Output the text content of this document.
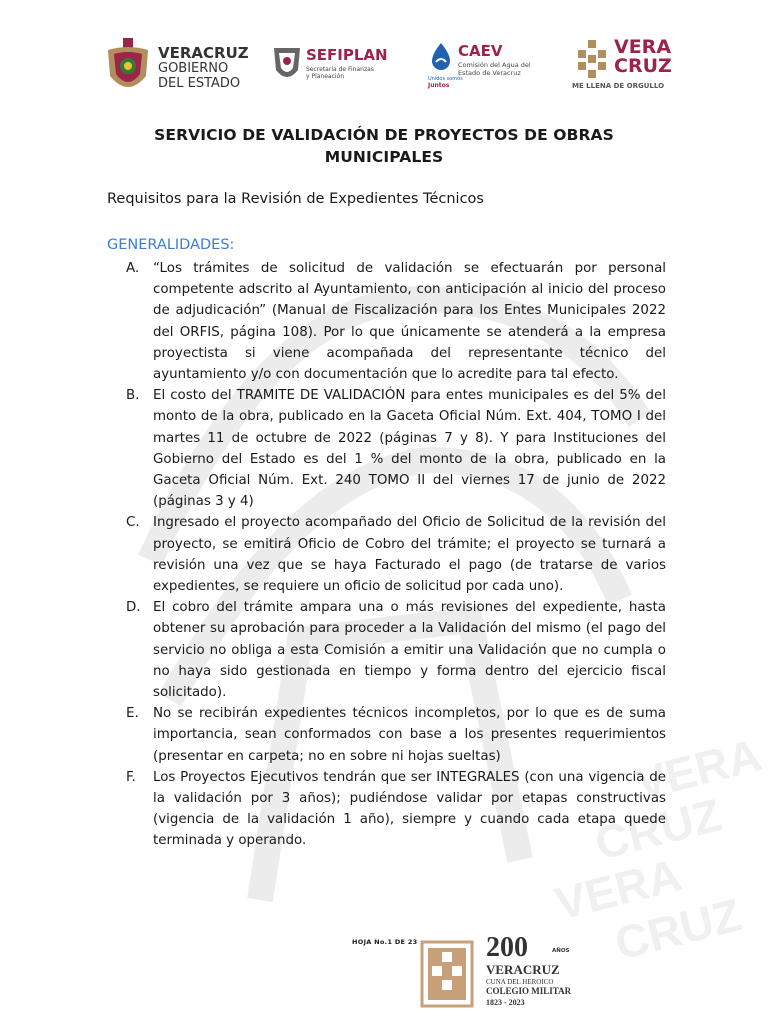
VERA
CRUZ
VERA
CRUZ
VERACRUZ
GOBIERNO
DEL ESTADO
SEFIPLAN
Secretaría de Finanzas
y Planeación
CAEV
Comisión del Agua del
Estado de Veracruz
Unidos somos
Juntos
VERA
CRUZ
ME LLENA DE ORGULLO
SERVICIO DE VALIDACIÓN DE PROYECTOS DE OBRAS MUNICIPALES
Requisitos para la Revisión de Expedientes Técnicos
GENERALIDADES:
A. “Los trámites de solicitud de validación se efectuarán por personal competente adscrito al Ayuntamiento, con anticipación al inicio del proceso de adjudicación” (Manual de Fiscalización para los Entes Municipales 2022 del ORFIS, página 108). Por lo que únicamente se atenderá a la empresa proyectista si viene acompañada del representante técnico del ayuntamiento y/o con documentación que lo acredite para tal efecto.
B. El costo del TRAMITE DE VALIDACIÓN para entes municipales es del 5% del monto de la obra, publicado en la Gaceta Oficial Núm. Ext. 404, TOMO I del martes 11 de octubre de 2022 (páginas 7 y 8). Y para Instituciones del Gobierno del Estado es del 1 % del monto de la obra, publicado en la Gaceta Oficial Núm. Ext. 240 TOMO II del viernes 17 de junio de 2022 (páginas 3 y 4)
C. Ingresado el proyecto acompañado del Oficio de Solicitud de la revisión del proyecto, se emitirá Oficio de Cobro del trámite; el proyecto se turnará a revisión una vez que se haya Facturado el pago (de tratarse de varios expedientes, se requiere un oficio de solicitud por cada uno).
D. El cobro del trámite ampara una o más revisiones del expediente, hasta obtener su aprobación para proceder a la Validación del mismo (el pago del servicio no obliga a esta Comisión a emitir una Validación que no cumpla o no haya sido gestionada en tiempo y forma dentro del ejercicio fiscal solicitado).
E. No se recibirán expedientes técnicos incompletos, por lo que es de suma importancia, sean conformados con base a los presentes requerimientos (presentar en carpeta; no en sobre ni hojas sueltas)
F. Los Proyectos Ejecutivos tendrán que ser INTEGRALES (con una vigencia de la validación por 3 años); pudiéndose validar por etapas constructivas (vigencia de la validación 1 año), siempre y cuando cada etapa quede terminada y operando.
HOJA No.1 DE 23 200	AÑOS
VERACRUZ
CUNA DEL HEROICO
COLEGIO MILITAR
1823 - 2023
